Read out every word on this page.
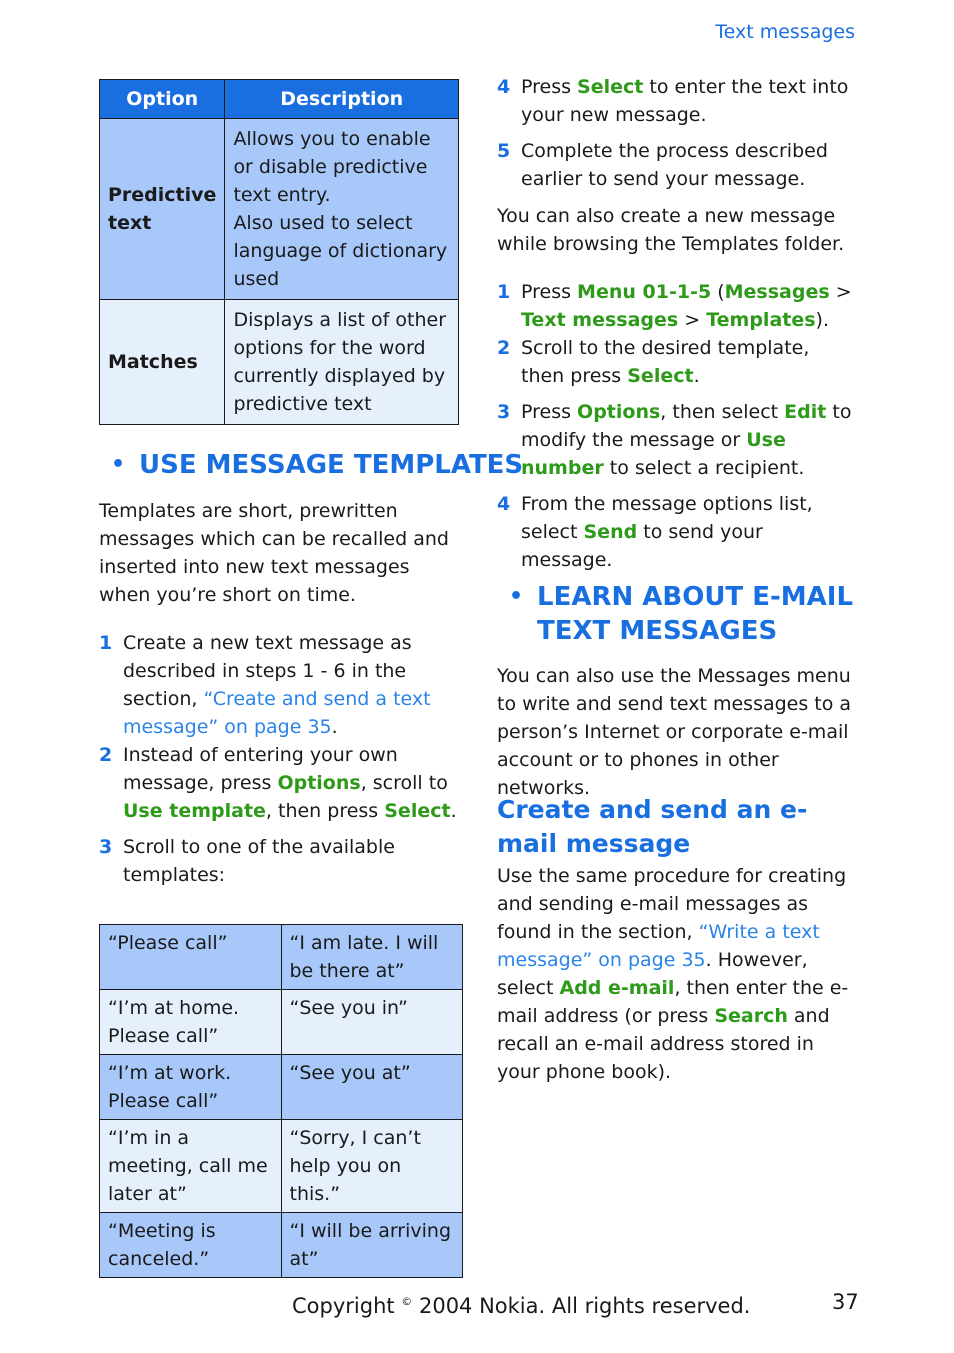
Text messages
Option	Description
Predictive text	Allows you to enable or disable predictive text entry.
Also used to select language of dictionary used

Matches	Displays a list of other options for the word currently displayed by predictive text
• USE MESSAGE TEMPLATES
Templates are short, prewritten messages which can be recalled and inserted into new text messages when you’re short on time.
1 Create a new text message as described in steps 1 - 6 in the section, “Create and send a text message” on page 35.
2 Instead of entering your own message, press Options, scroll to Use template, then press Select.
3 Scroll to one of the available templates:
“Please call”	“I am late. I will be there at”
“I’m at home. Please call”	“See you in”
“I’m at work. Please call”	“See you at”
“I’m in a meeting, call me later at”	“Sorry, I can’t help you on this.”
“Meeting is canceled.”	“I will be arriving at”
4 Press Select to enter the text into your new message.
5 Complete the process described earlier to send your message.
You can also create a new message while browsing the Templates folder.
1 Press Menu 01-1-5 (Messages > Text messages > Templates).
2 Scroll to the desired template, then press Select.
3 Press Options, then select Edit to modify the message or Use number to select a recipient.
4 From the message options list, select Send to send your message.
• LEARN ABOUT E-MAIL
TEXT MESSAGES
You can also use the Messages menu to write and send text messages to a person’s Internet or corporate e-mail account or to phones in other networks.
Create and send an e-mail message
Use the same procedure for creating and sending e-mail messages as found in the section, “Write a text message” on page 35. However, select Add e-mail, then enter the e-mail address (or press Search and recall an e-mail address stored in your phone book).
Copyright © 2004 Nokia. All rights reserved.	37
